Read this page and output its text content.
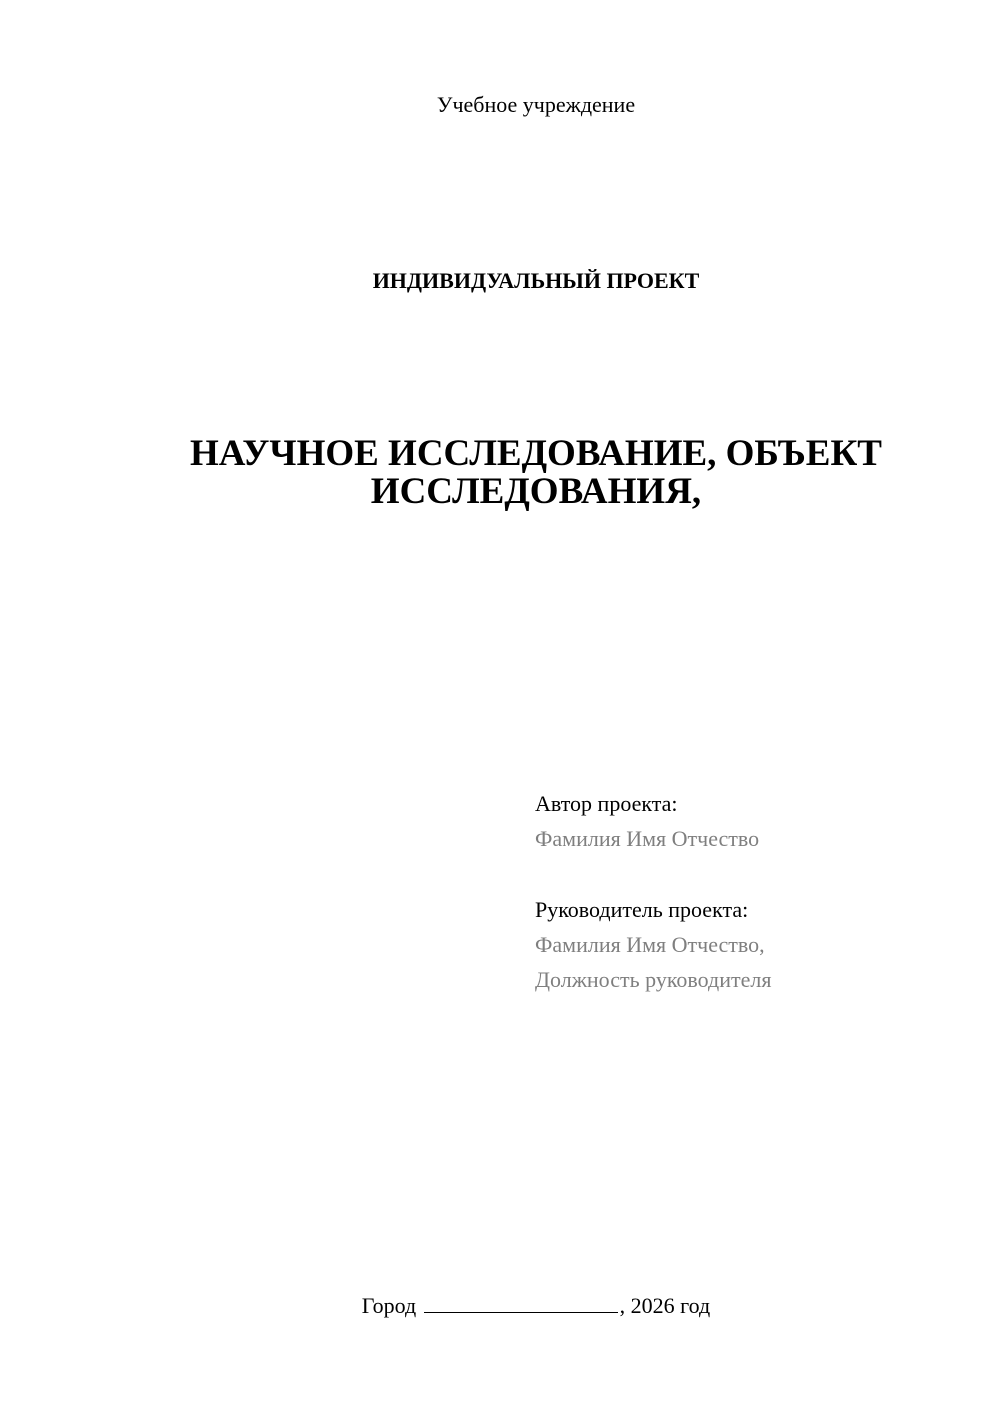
Учебное учреждение
ИНДИВИДУАЛЬНЫЙ ПРОЕКТ
НАУЧНОЕ ИССЛЕДОВАНИЕ, ОБЪЕКТ
ИССЛЕДОВАНИЯ,
Автор проекта:
Фамилия Имя Отчество
Руководитель проекта:
Фамилия Имя Отчество,
Должность руководителя
Город	, 2026 год
